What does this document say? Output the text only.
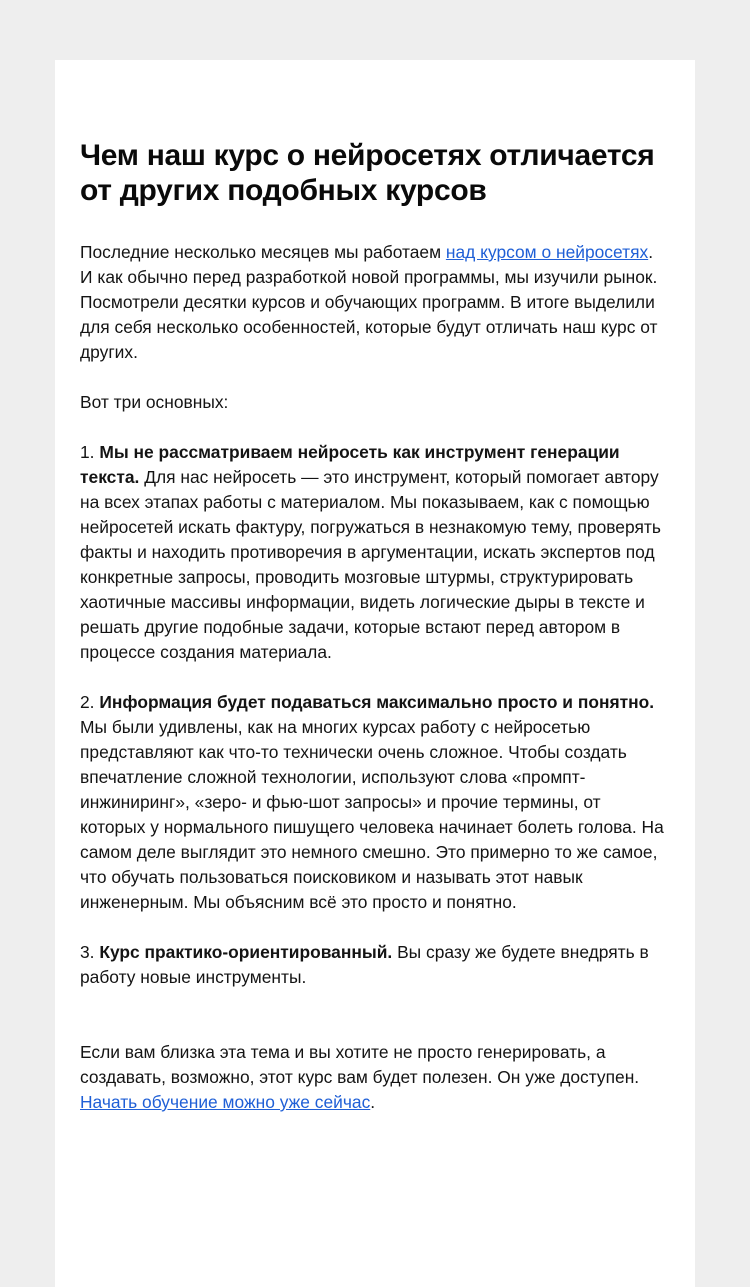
Чем наш курс о нейросетях отличается от других подобных курсов

Последние несколько месяцев мы работаем над курсом о нейросетях. И как обычно перед разработкой новой программы, мы изучили рынок. Посмотрели десятки курсов и обучающих программ. В итоге выделили для себя несколько особенностей, которые будут отличать наш курс от других.

Вот три основных:

1. Мы не рассматриваем нейросеть как инструмент генерации текста. Для нас нейросеть — это инструмент, который помогает автору на всех этапах работы с материалом. Мы показываем, как с помощью нейросетей искать фактуру, погружаться в незнакомую тему, проверять факты и находить противоречия в аргументации, искать экспертов под конкретные запросы, проводить мозговые штурмы, структурировать хаотичные массивы информации, видеть логические дыры в тексте и решать другие подобные задачи, которые встают перед автором в процессе создания материала.

2. Информация будет подаваться максимально просто и понятно. Мы были удивлены, как на многих курсах работу с нейросетью представляют как что-то технически очень сложное. Чтобы создать впечатление сложной технологии, используют слова «промпт-инжиниринг», «зеро- и фью-шот запросы» и прочие термины, от которых у нормального пишущего человека начинает болеть голова. На самом деле выглядит это немного смешно. Это примерно то же самое, что обучать пользоваться поисковиком и называть этот навык инженерным. Мы объясним всё это просто и понятно.

3. Курс практико-ориентированный. Вы сразу же будете внедрять в работу новые инструменты.

Если вам близка эта тема и вы хотите не просто генерировать, а создавать, возможно, этот курс вам будет полезен. Он уже доступен. Начать обучение можно уже сейчас.
